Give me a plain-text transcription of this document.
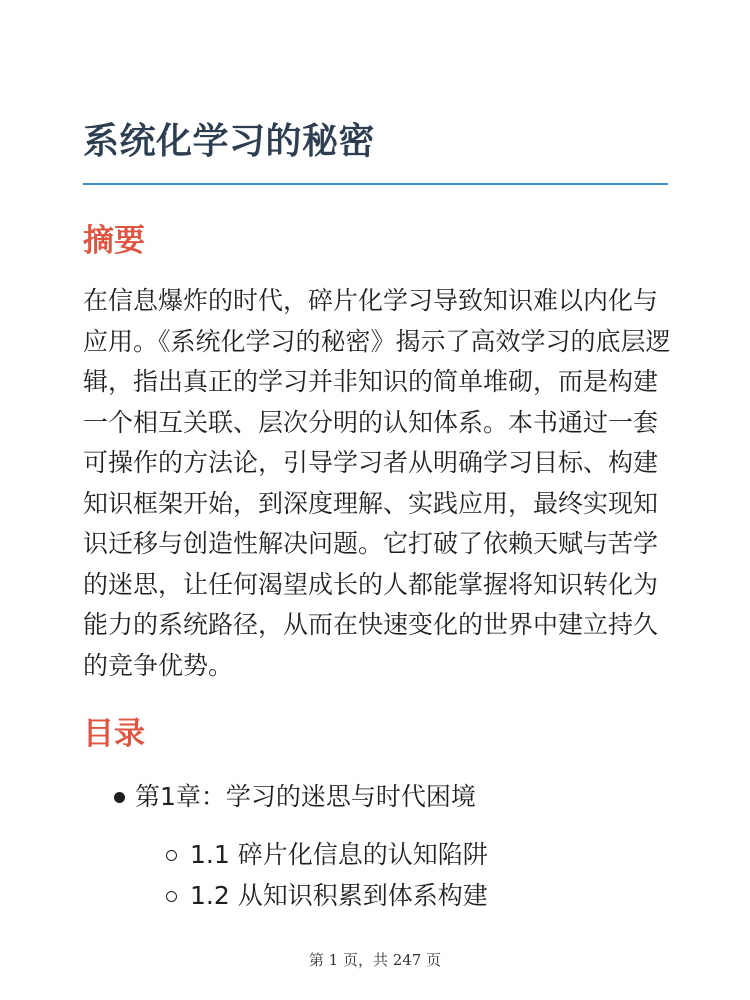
系统化学习的秘密
摘要

在信息爆炸的时代，碎片化学习导致知识难以内化与应用。《系统化学习的秘密》揭示了高效学习的底层逻辑，指出真正的学习并非知识的简单堆砌，而是构建一个相互关联、层次分明的认知体系。本书通过一套可操作的方法论，引导学习者从明确学习目标、构建知识框架开始，到深度理解、实践应用，最终实现知识迁移与创造性解决问题。它打破了依赖天赋与苦学的迷思，让任何渴望成长的人都能掌握将知识转化为能力的系统路径，从而在快速变化的世界中建立持久的竞争优势。

目录
第1章：学习的迷思与时代困境
1.1 碎片化信息的认知陷阱
1.2 从知识积累到体系构建
第 1 页，共 247 页
